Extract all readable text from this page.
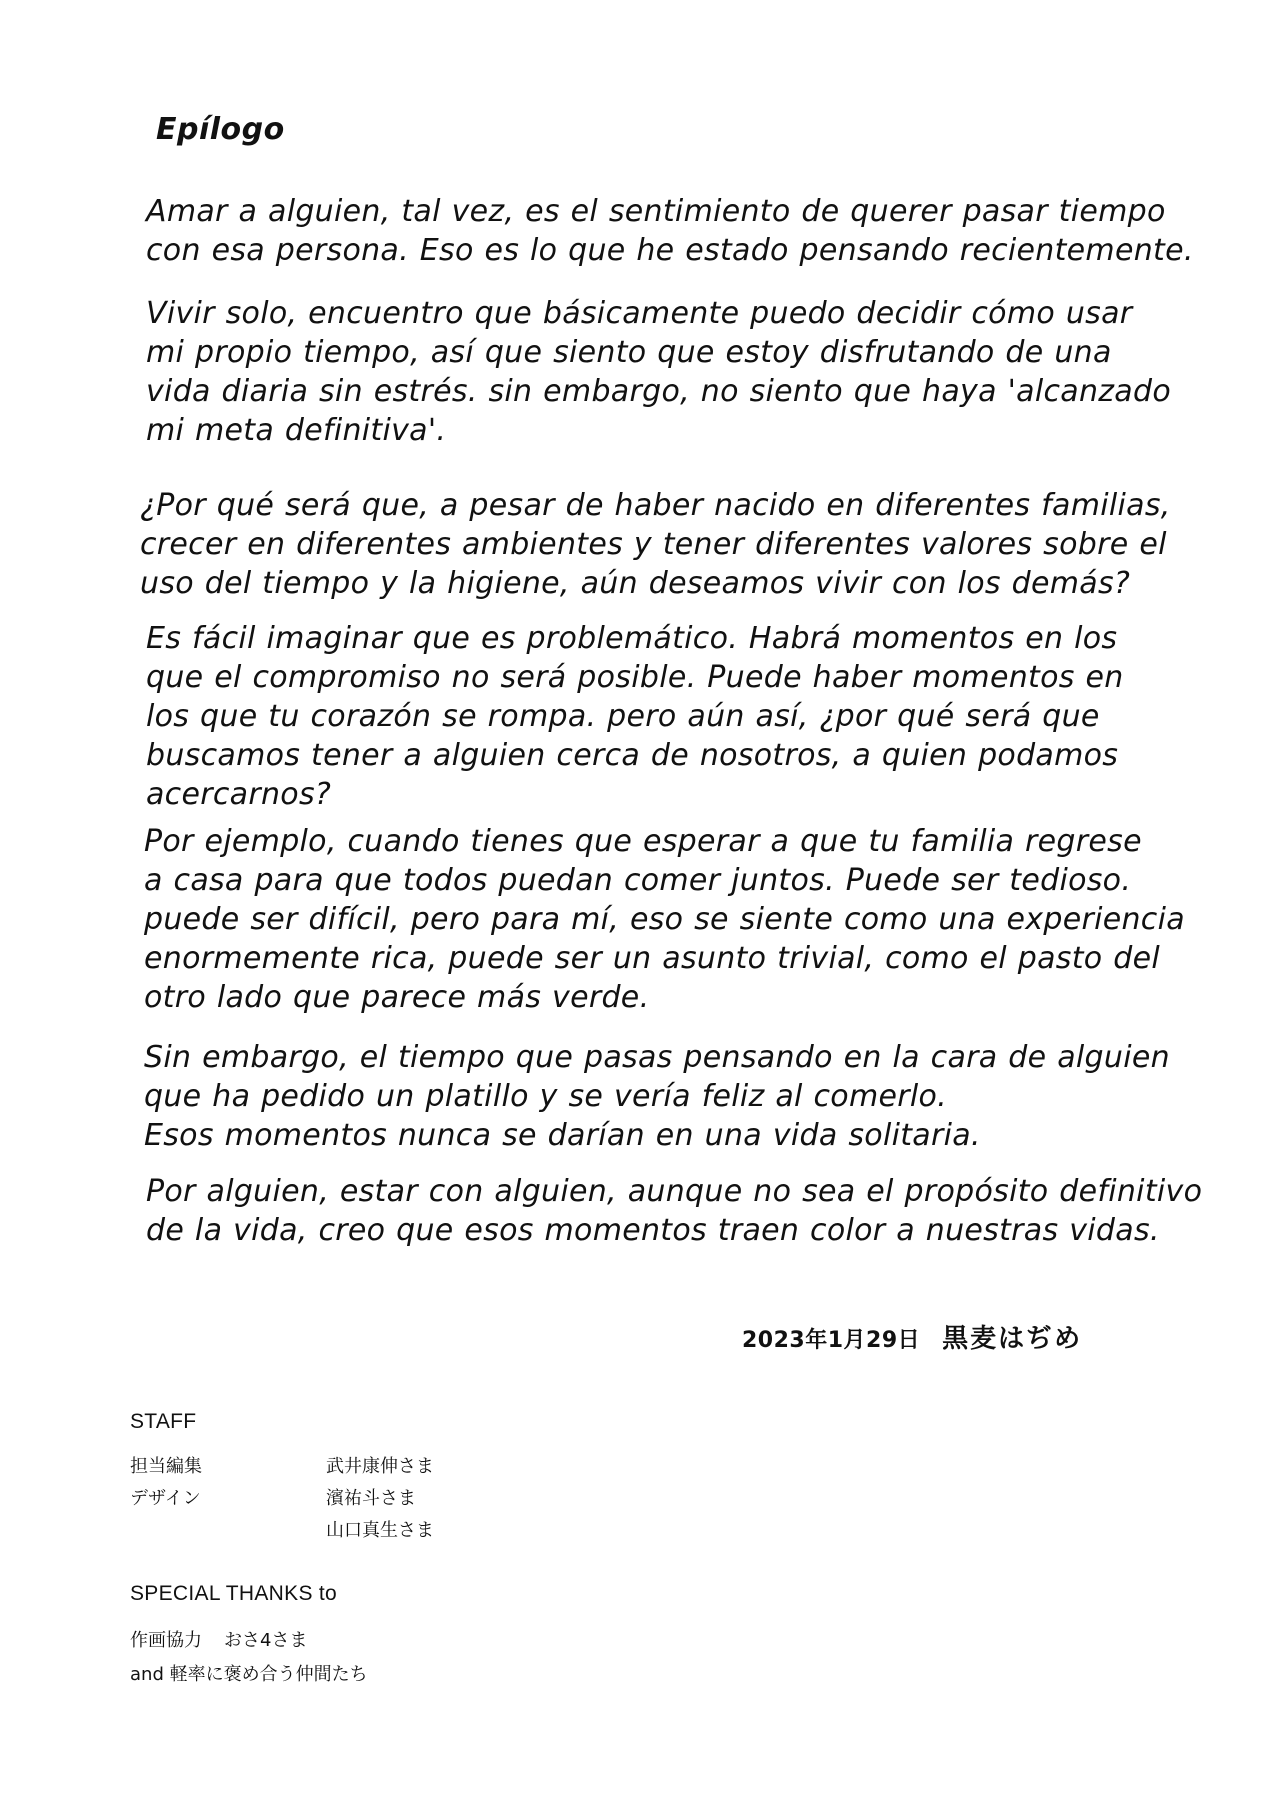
Epílogo
Amar a alguien, tal vez, es el sentimiento de querer pasar tiempo
con esa persona. Eso es lo que he estado pensando recientemente.
Vivir solo, encuentro que básicamente puedo decidir cómo usar
mi propio tiempo, así que siento que estoy disfrutando de una
vida diaria sin estrés. sin embargo, no siento que haya 'alcanzado
mi meta definitiva'.
¿Por qué será que, a pesar de haber nacido en diferentes familias,
crecer en diferentes ambientes y tener diferentes valores sobre el
uso del tiempo y la higiene, aún deseamos vivir con los demás?
Es fácil imaginar que es problemático. Habrá momentos en los
que el compromiso no será posible. Puede haber momentos en
los que tu corazón se rompa. pero aún así, ¿por qué será que
buscamos tener a alguien cerca de nosotros, a quien podamos
acercarnos?
Por ejemplo, cuando tienes que esperar a que tu familia regrese
a casa para que todos puedan comer juntos. Puede ser tedioso.
puede ser difícil, pero para mí, eso se siente como una experiencia
enormemente rica, puede ser un asunto trivial, como el pasto del
otro lado que parece más verde.
Sin embargo, el tiempo que pasas pensando en la cara de alguien
que ha pedido un platillo y se vería feliz al comerlo.
Esos momentos nunca se darían en una vida solitaria.
Por alguien, estar con alguien, aunque no sea el propósito definitivo
de la vida, creo que esos momentos traen color a nuestras vidas.
2023年1月29日 黒麦はぢめ
STAFF
担当編集	武井康伸さま
デザイン	濱祐斗さま
山口真生さま
SPECIAL THANKS to
作画協力 おさ4さま
and 軽率に褒め合う仲間たち
